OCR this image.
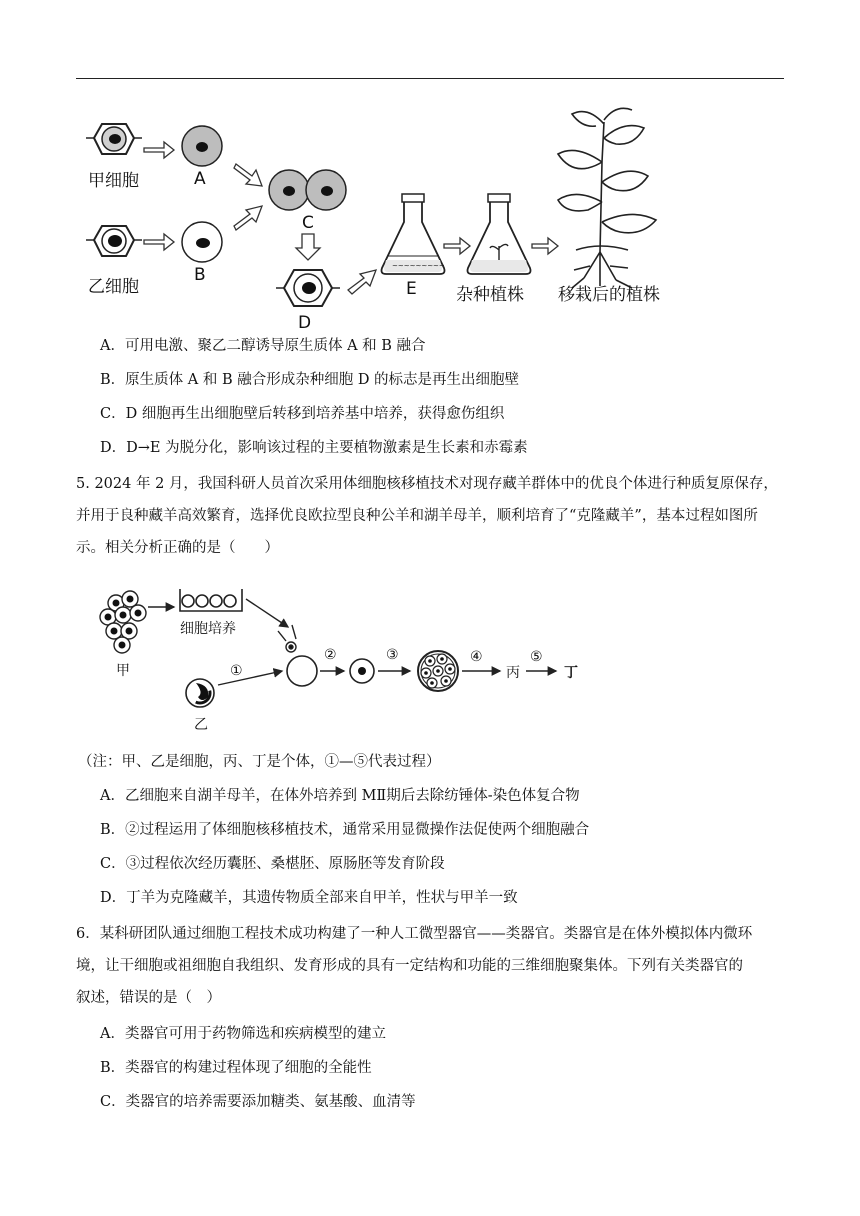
甲细胞	A
乙细胞
B
C
D
~~~~~~~~~
E 杂种植株 移栽后的植株
A．可用电激、聚乙二醇诱导原生质体 A 和 B 融合
B．原生质体 A 和 B 融合形成杂种细胞 D 的标志是再生出细胞壁
C．D 细胞再生出细胞壁后转移到培养基中培养，获得愈伤组织
D．D→E 为脱分化，影响该过程的主要植物激素是生长素和赤霉素
5. 2024 年 2 月，我国科研人员首次采用体细胞核移植技术对现存藏羊群体中的优良个体进行种质复原保存，
并用于良种藏羊高效繁育，选择优良欧拉型良种公羊和湖羊母羊，顺利培育了“克隆藏羊”，基本过程如图所
示。相关分析正确的是（　　）
甲
细胞培养
乙
①
②	③	④
丙
⑤
丁
（注：甲、乙是细胞，丙、丁是个体，①—⑤代表过程）
A．乙细胞来自湖羊母羊，在体外培养到 MⅡ期后去除纺锤体-染色体复合物
B．②过程运用了体细胞核移植技术，通常采用显微操作法促使两个细胞融合
C．③过程依次经历囊胚、桑椹胚、原肠胚等发育阶段
D．丁羊为克隆藏羊，其遗传物质全部来自甲羊，性状与甲羊一致
6．某科研团队通过细胞工程技术成功构建了一种人工微型器官——类器官。类器官是在体外模拟体内微环
境，让干细胞或祖细胞自我组织、发育形成的具有一定结构和功能的三维细胞聚集体。下列有关类器官的
叙述，错误的是（　）
A．类器官可用于药物筛选和疾病模型的建立
B．类器官的构建过程体现了细胞的全能性
C．类器官的培养需要添加糖类、氨基酸、血清等
